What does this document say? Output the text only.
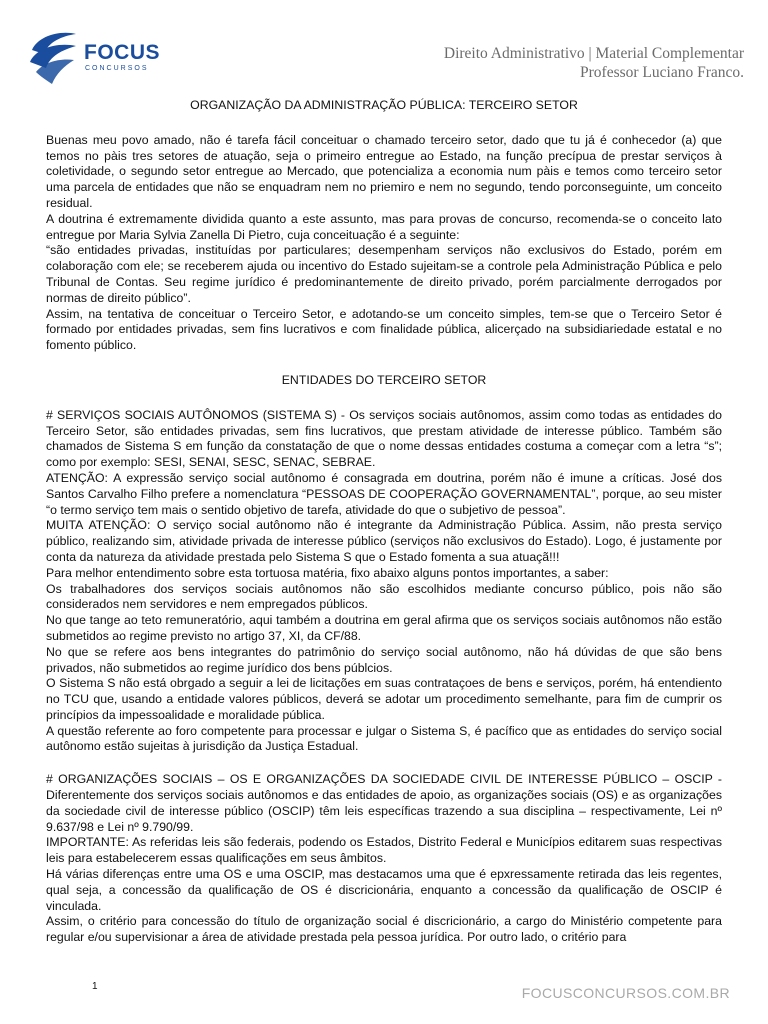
FOCUS
CONCURSOS
Direito Administrativo | Material Complementar
Professor Luciano Franco.

ORGANIZAÇÃO DA ADMINISTRAÇÃO PÚBLICA: TERCEIRO SETOR

Buenas meu povo amado, não é tarefa fácil conceituar o chamado terceiro setor, dado que tu já é conhecedor (a) que temos no pàis tres setores de atuação, seja o primeiro entregue ao Estado, na função precípua de prestar serviços à coletividade, o segundo setor entregue ao Mercado, que potencializa a economia num pàis e temos como terceiro setor uma parcela de entidades que não se enquadram nem no priemiro e nem no segundo, tendo porconseguinte, um conceito residual.

A doutrina é extremamente dividida quanto a este assunto, mas para provas de concurso, recomenda-se o conceito lato entregue por Maria Sylvia Zanella Di Pietro, cuja conceituação é a seguinte:

“são entidades privadas, instituídas por particulares; desempenham serviços não exclusivos do Estado, porém em colaboração com ele; se receberem ajuda ou incentivo do Estado sujeitam-se a controle pela Administração Pública e pelo Tribunal de Contas. Seu regime jurídico é predominantemente de direito privado, porém parcialmente derrogados por normas de direito público”.

Assim, na tentativa de conceituar o Terceiro Setor, e adotando-se um conceito simples, tem-se que o Terceiro Setor é formado por entidades privadas, sem fins lucrativos e com finalidade pública, alicerçado na subsidiariedade estatal e no fomento público.

ENTIDADES DO TERCEIRO SETOR

# SERVIÇOS SOCIAIS AUTÔNOMOS (SISTEMA S) - Os serviços sociais autônomos, assim como todas as entidades do Terceiro Setor, são entidades privadas, sem fins lucrativos, que prestam atividade de interesse público. Também são chamados de Sistema S em função da constatação de que o nome dessas entidades costuma a começar com a letra “s”; como por exemplo: SESI, SENAI, SESC, SENAC, SEBRAE.

ATENÇÃO: A expressão serviço social autônomo é consagrada em doutrina, porém não é imune a críticas. José dos Santos Carvalho Filho prefere a nomenclatura “PESSOAS DE COOPERAÇÃO GOVERNAMENTAL”, porque, ao seu mister “o termo serviço tem mais o sentido objetivo de tarefa, atividade do que o subjetivo de pessoa”.

MUITA ATENÇÃO: O serviço social autônomo não é integrante da Administração Pública. Assim, não presta serviço público, realizando sim, atividade privada de interesse público (serviços não exclusivos do Estado). Logo, é justamente por conta da natureza da atividade prestada pelo Sistema S que o Estado fomenta a sua atuaçã!!!

Para melhor entendimento sobre esta tortuosa matéria, fixo abaixo alguns pontos importantes, a saber:

Os trabalhadores dos serviços sociais autônomos não são escolhidos mediante concurso público, pois não são considerados nem servidores e nem empregados públicos.

No que tange ao teto remuneratório, aqui também a doutrina em geral afirma que os serviços sociais autônomos não estão submetidos ao regime previsto no artigo 37, XI, da CF/88.

No que se refere aos bens integrantes do patrimônio do serviço social autônomo, não há dúvidas de que são bens privados, não submetidos ao regime jurídico dos bens públcios.

O Sistema S não está obrgado a seguir a lei de licitações em suas contrataçoes de bens e serviços, porém, há entendiento no TCU que, usando a entidade valores públicos, deverá se adotar um procedimento semelhante, para fim de cumprir os princípios da impessoalidade e moralidade pública.

A questão referente ao foro competente para processar e julgar o Sistema S, é pacífico que as entidades do serviço social autônomo estão sujeitas à jurisdição da Justiça Estadual.

# ORGANIZAÇÕES SOCIAIS – OS E ORGANIZAÇÕES DA SOCIEDADE CIVIL DE INTERESSE PÚBLICO – OSCIP - Diferentemente dos serviços sociais autônomos e das entidades de apoio, as organizações sociais (OS) e as organizações da sociedade civil de interesse público (OSCIP) têm leis específicas trazendo a sua disciplina – respectivamente, Lei nº 9.637/98 e Lei nº 9.790/99.

IMPORTANTE: As referidas leis são federais, podendo os Estados, Distrito Federal e Municípios editarem suas respectivas leis para estabelecerem essas qualificações em seus âmbitos.

Há várias diferenças entre uma OS e uma OSCIP, mas destacamos uma que é epxressamente retirada das leis regentes, qual seja, a concessão da qualificação de OS é discricionária, enquanto a concessão da qualificação de OSCIP é vinculada.

Assim, o critério para concessão do título de organização social é discricionário, a cargo do Ministério competente para regular e/ou supervisionar a área de atividade prestada pela pessoa jurídica. Por outro lado, o critério para

1	FOCUSCONCURSOS.COM.BR
